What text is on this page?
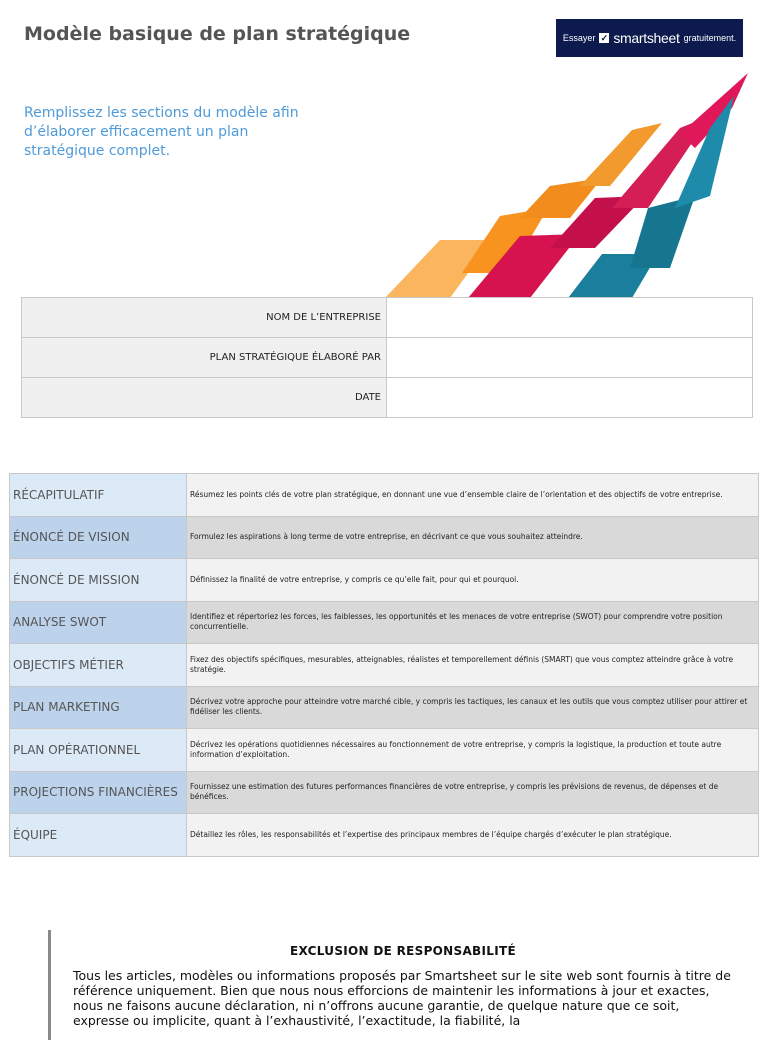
Modèle basique de plan stratégique	Essayer ✓ smartsheet gratuitement.

Remplissez les sections du modèle afin d’élaborer efficacement un plan stratégique complet.

NOM DE L’ENTREPRISE	
PLAN STRATÉGIQUE ÉLABORÉ PAR	
DATE	
RÉCAPITULATIF	Résumez les points clés de votre plan stratégique, en donnant une vue d’ensemble claire de l’orientation et des objectifs de votre entreprise.
ÉNONCÉ DE VISION	Formulez les aspirations à long terme de votre entreprise, en décrivant ce que vous souhaitez atteindre.
ÉNONCÉ DE MISSION	Définissez la finalité de votre entreprise, y compris ce qu’elle fait, pour qui et pourquoi.
ANALYSE SWOT	Identifiez et répertoriez les forces, les faiblesses, les opportunités et les menaces de votre entreprise (SWOT) pour comprendre votre position concurrentielle.
OBJECTIFS MÉTIER	Fixez des objectifs spécifiques, mesurables, atteignables, réalistes et temporellement définis (SMART) que vous comptez atteindre grâce à votre stratégie.
PLAN MARKETING	Décrivez votre approche pour atteindre votre marché cible, y compris les tactiques, les canaux et les outils que vous comptez utiliser pour attirer et fidéliser les clients.
PLAN OPÉRATIONNEL	Décrivez les opérations quotidiennes nécessaires au fonctionnement de votre entreprise, y compris la logistique, la production et toute autre information d’exploitation.
PROJECTIONS FINANCIÈRES	Fournissez une estimation des futures performances financières de votre entreprise, y compris les prévisions de revenus, de dépenses et de bénéfices.
ÉQUIPE	Détaillez les rôles, les responsabilités et l’expertise des principaux membres de l’équipe chargés d’exécuter le plan stratégique.
EXCLUSION DE RESPONSABILITÉ

Tous les articles, modèles ou informations proposés par Smartsheet sur le site web sont fournis à titre de référence uniquement. Bien que nous nous efforcions de maintenir les informations à jour et exactes, nous ne faisons aucune déclaration, ni n’offrons aucune garantie, de quelque nature que ce soit, expresse ou implicite, quant à l’exhaustivité, l’exactitude, la fiabilité, la
